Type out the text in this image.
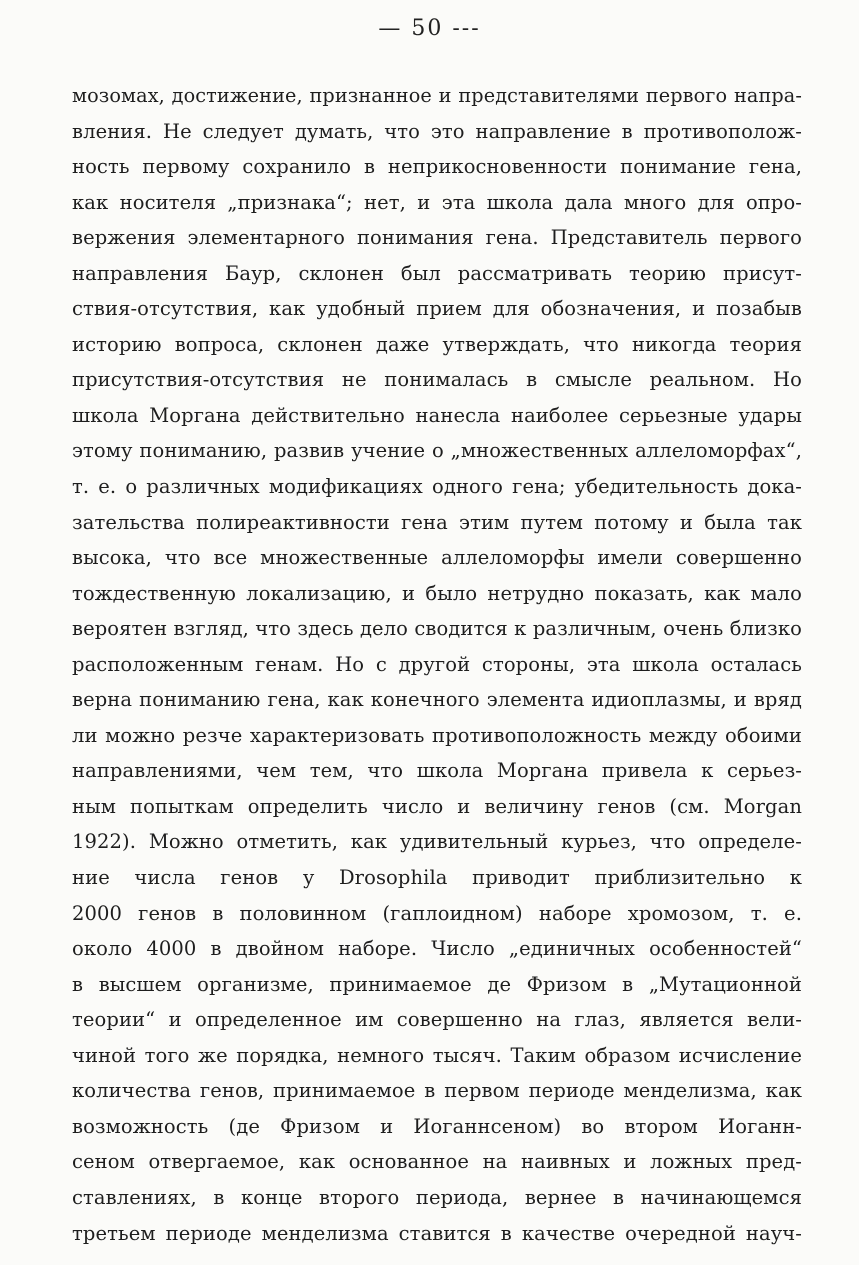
— 50 ---
мозомах, достижение, признанное и представителями первого напра-
вления. Не следует думать, что это направление в противополож-
ность первому сохранило в неприкосновенности понимание гена,
как носителя „признака“; нет, и эта школа дала много для опро-
вержения элементарного понимания гена. Представитель первого
направления Баур, склонен был рассматривать теорию присут-
ствия-отсутствия, как удобный прием для обозначения, и позабыв
историю вопроса, склонен даже утверждать, что никогда теория
присутствия-отсутствия не понималась в смысле реальном. Но
школа Моргана действительно нанесла наиболее серьезные удары
этому пониманию, развив учение о „множественных аллеломорфах“,
т. е. о различных модификациях одного гена; убедительность дока-
зательства полиреактивности гена этим путем потому и была так
высока, что все множественные аллеломорфы имели совершенно
тождественную локализацию, и было нетрудно показать, как мало
вероятен взгляд, что здесь дело сводится к различным, очень близко
расположенным генам. Но с другой стороны, эта школа осталась
верна пониманию гена, как конечного элемента идиоплазмы, и вряд
ли можно резче характеризовать противоположность между обоими
направлениями, чем тем, что школа Моргана привела к серьез-
ным попыткам определить число и величину генов (см. Morgan
1922). Можно отметить, как удивительный курьез, что определе-
ние числа генов у Drosophila приводит приблизительно к
2000 генов в половинном (гаплоидном) наборе хромозом, т. е.
около 4000 в двойном наборе. Число „единичных особенностей“
в высшем организме, принимаемое де Фризом в „Мутационной
теории“ и определенное им совершенно на глаз, является вели-
чиной того же порядка, немного тысяч. Таким образом исчисление
количества генов, принимаемое в первом периоде менделизма, как
возможность (де Фризом и Иоганнсеном) во втором Иоганн-
сеном отвергаемое, как основанное на наивных и ложных пред-
ставлениях, в конце второго периода, вернее в начинающемся
третьем периоде менделизма ставится в качестве очередной науч-
